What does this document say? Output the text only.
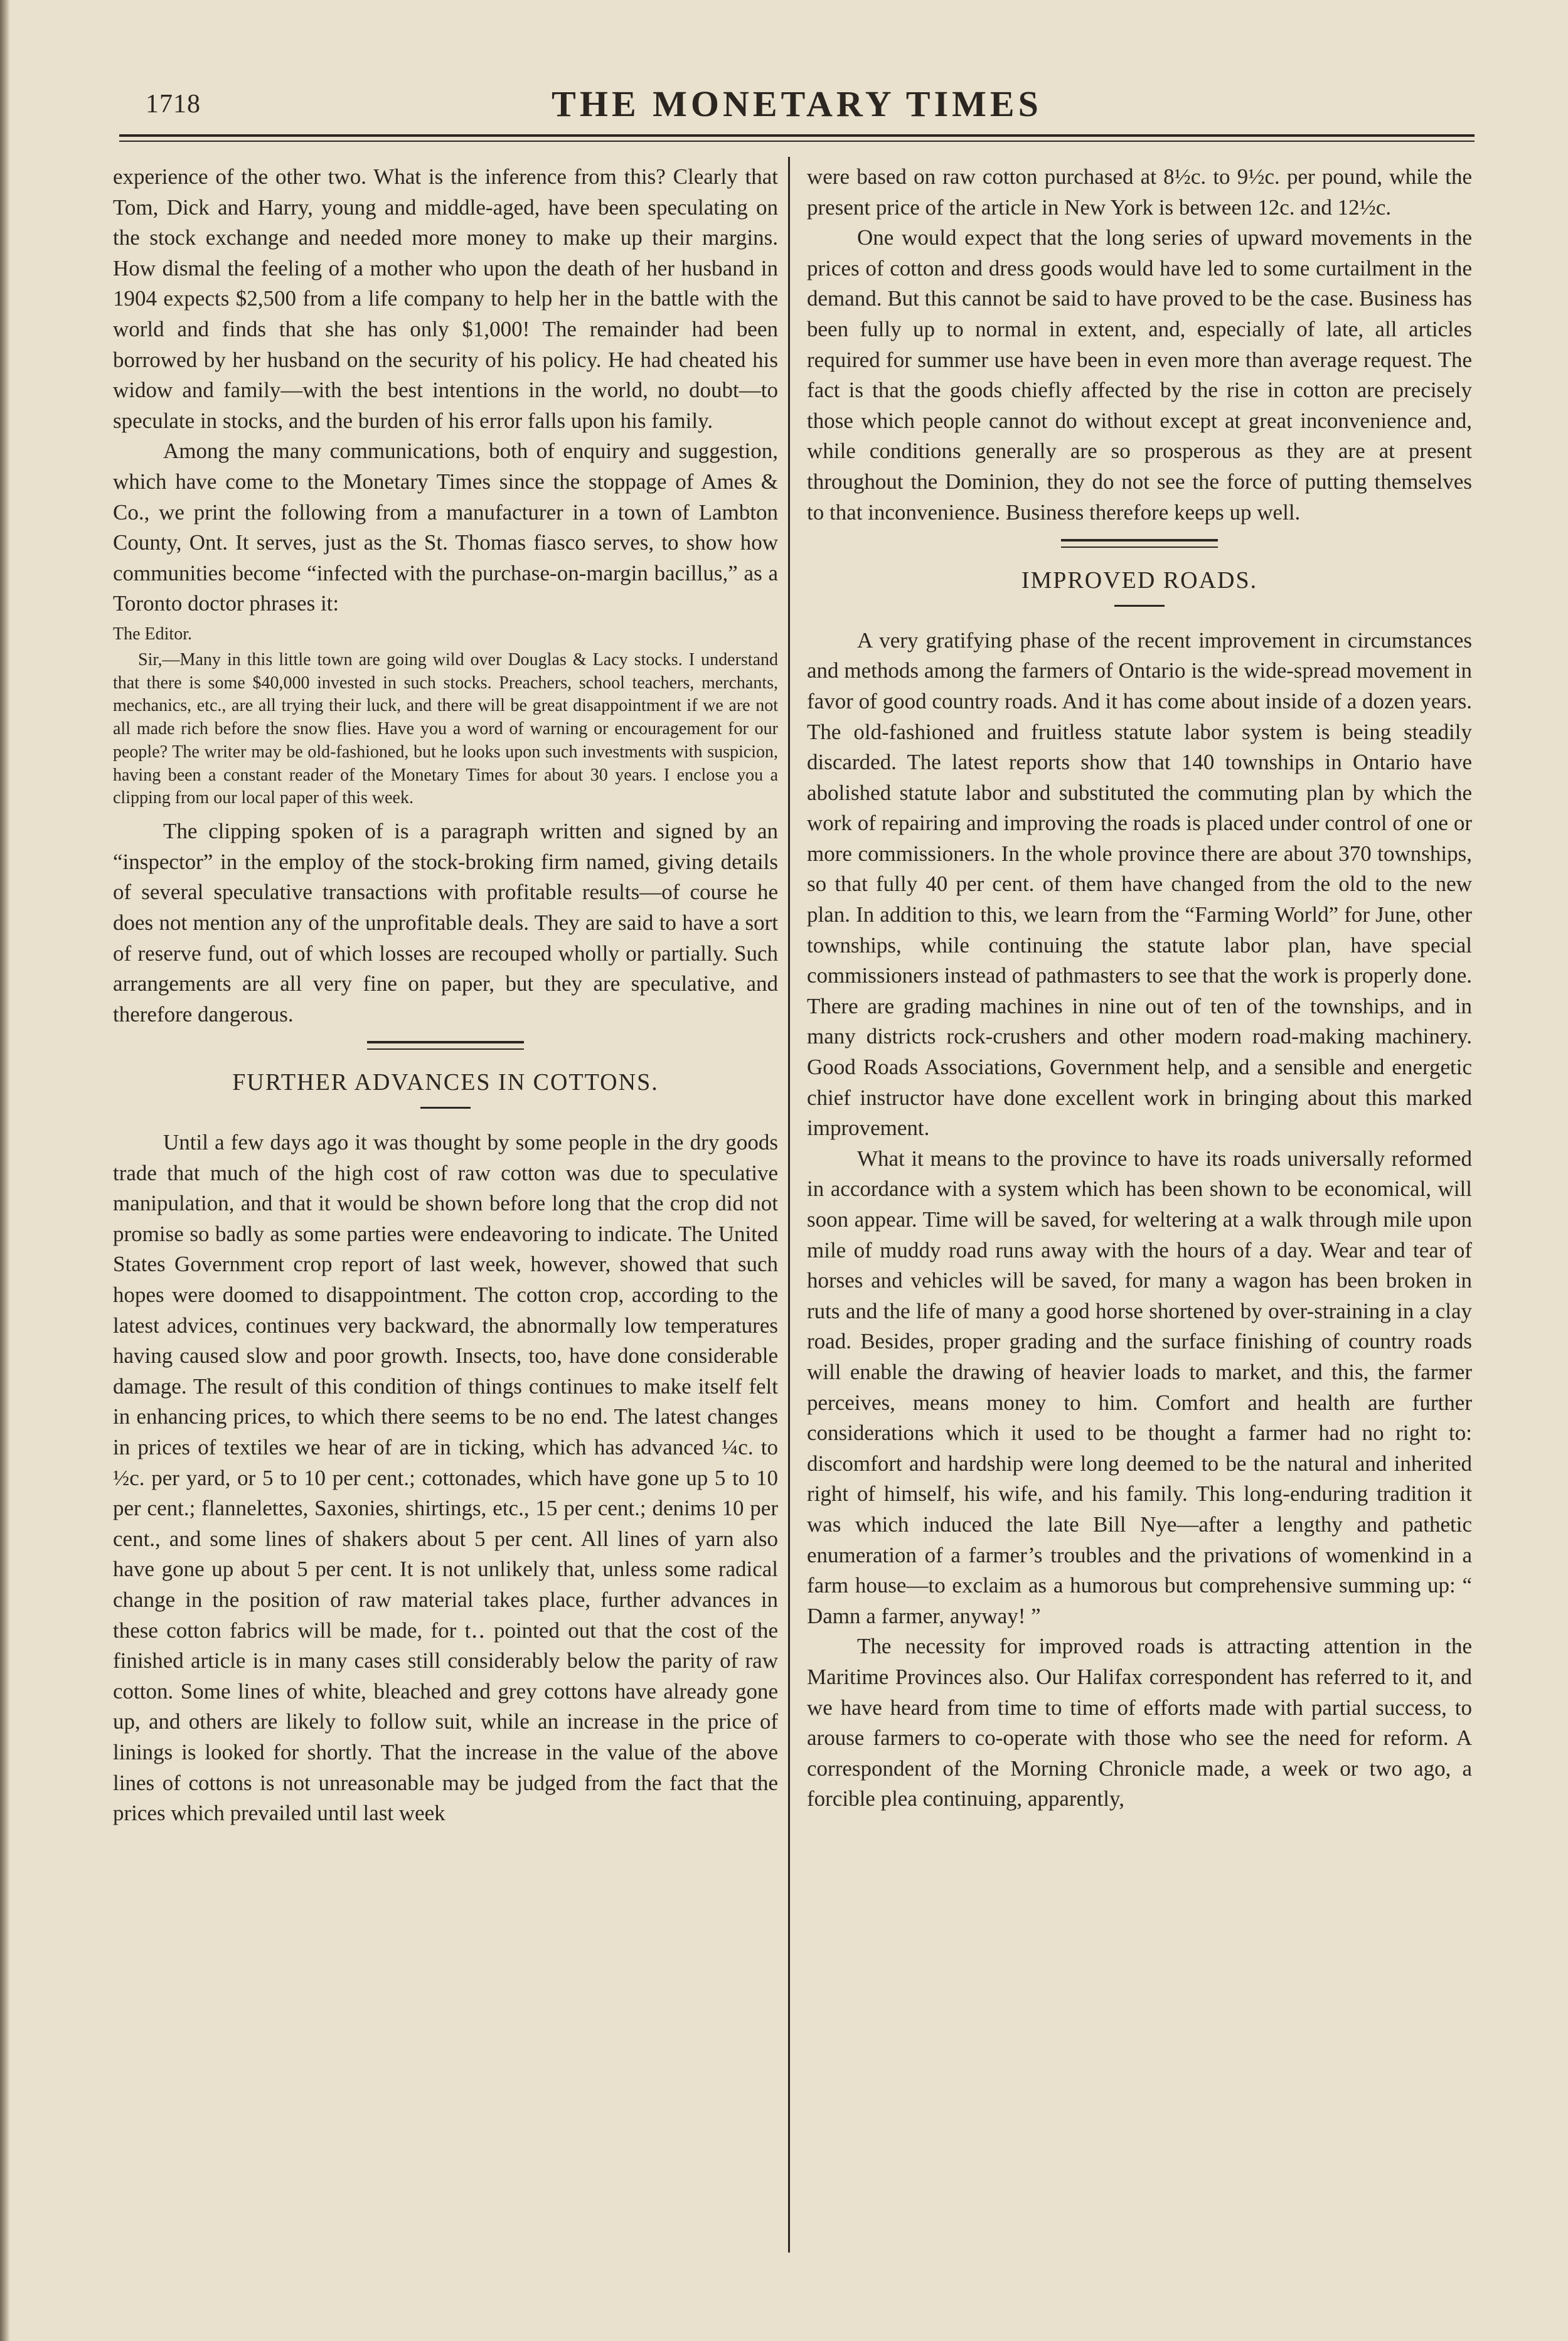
1718	THE MONETARY TIMES

experience of the other two. What is the inference from this? Clearly that Tom, Dick and Harry, young and middle-aged, have been speculating on the stock exchange and needed more money to make up their margins. How dismal the feeling of a mother who upon the death of her husband in 1904 expects $2,500 from a life company to help her in the battle with the world and finds that she has only $1,000! The remainder had been borrowed by her husband on the security of his policy. He had cheated his widow and family—with the best intentions in the world, no doubt—to speculate in stocks, and the burden of his error falls upon his family.

Among the many communications, both of enquiry and suggestion, which have come to the Monetary Times since the stoppage of Ames & Co., we print the following from a manufacturer in a town of Lambton County, Ont. It serves, just as the St. Thomas fiasco serves, to show how communities become “infected with the purchase-on-margin bacillus,” as a Toronto doctor phrases it:

The Editor.

Sir,—Many in this little town are going wild over Douglas & Lacy stocks. I understand that there is some $40,000 invested in such stocks. Preachers, school teachers, merchants, mechanics, etc., are all trying their luck, and there will be great disappointment if we are not all made rich before the snow flies. Have you a word of warning or encouragement for our people? The writer may be old-fashioned, but he looks upon such investments with suspicion, having been a constant reader of the Monetary Times for about 30 years. I enclose you a clipping from our local paper of this week.

The clipping spoken of is a paragraph written and signed by an “inspector” in the employ of the stock-broking firm named, giving details of several speculative transactions with profitable results—of course he does not mention any of the unprofitable deals. They are said to have a sort of reserve fund, out of which losses are recouped wholly or partially. Such arrangements are all very fine on paper, but they are speculative, and therefore dangerous.

FURTHER ADVANCES IN COTTONS.

Until a few days ago it was thought by some people in the dry goods trade that much of the high cost of raw cotton was due to speculative manipulation, and that it would be shown before long that the crop did not promise so badly as some parties were endeavoring to indicate. The United States Government crop report of last week, however, showed that such hopes were doomed to disappointment. The cotton crop, according to the latest advices, continues very backward, the abnormally low temperatures having caused slow and poor growth. Insects, too, have done considerable damage. The result of this condition of things continues to make itself felt in enhancing prices, to which there seems to be no end. The latest changes in prices of textiles we hear of are in ticking, which has advanced ¼c. to ½c. per yard, or 5 to 10 per cent.; cottonades, which have gone up 5 to 10 per cent.; flannelettes, Saxonies, shirtings, etc., 15 per cent.; denims 10 per cent., and some lines of shakers about 5 per cent. All lines of yarn also have gone up about 5 per cent. It is not unlikely that, unless some radical change in the position of raw material takes place, further advances in these cotton fabrics will be made, for t‥ pointed out that the cost of the finished article is in many cases still considerably below the parity of raw cotton. Some lines of white, bleached and grey cottons have already gone up, and others are likely to follow suit, while an increase in the price of linings is looked for shortly. That the increase in the value of the above lines of cottons is not unreasonable may be judged from the fact that the prices which prevailed until last week

were based on raw cotton purchased at 8½c. to 9½c. per pound, while the present price of the article in New York is between 12c. and 12½c.

One would expect that the long series of upward movements in the prices of cotton and dress goods would have led to some curtailment in the demand. But this cannot be said to have proved to be the case. Business has been fully up to normal in extent, and, especially of late, all articles required for summer use have been in even more than average request. The fact is that the goods chiefly affected by the rise in cotton are precisely those which people cannot do without except at great inconvenience and, while conditions generally are so prosperous as they are at present throughout the Dominion, they do not see the force of putting themselves to that inconvenience. Business therefore keeps up well.

IMPROVED ROADS.

A very gratifying phase of the recent improvement in circumstances and methods among the farmers of Ontario is the wide-spread movement in favor of good country roads. And it has come about inside of a dozen years. The old-fashioned and fruitless statute labor system is being steadily discarded. The latest reports show that 140 townships in Ontario have abolished statute labor and substituted the commuting plan by which the work of repairing and improving the roads is placed under control of one or more commissioners. In the whole province there are about 370 townships, so that fully 40 per cent. of them have changed from the old to the new plan. In addition to this, we learn from the “Farming World” for June, other townships, while continuing the statute labor plan, have special commissioners instead of pathmasters to see that the work is properly done. There are grading machines in nine out of ten of the townships, and in many districts rock-crushers and other modern road-making machinery. Good Roads Associations, Government help, and a sensible and energetic chief instructor have done excellent work in bringing about this marked improvement.

What it means to the province to have its roads universally reformed in accordance with a system which has been shown to be economical, will soon appear. Time will be saved, for weltering at a walk through mile upon mile of muddy road runs away with the hours of a day. Wear and tear of horses and vehicles will be saved, for many a wagon has been broken in ruts and the life of many a good horse shortened by over-straining in a clay road. Besides, proper grading and the surface finishing of country roads will enable the drawing of heavier loads to market, and this, the farmer perceives, means money to him. Comfort and health are further considerations which it used to be thought a farmer had no right to: discomfort and hardship were long deemed to be the natural and inherited right of himself, his wife, and his family. This long-enduring tradition it was which induced the late Bill Nye—after a lengthy and pathetic enumeration of a farmer’s troubles and the privations of womenkind in a farm house—to exclaim as a humorous but comprehensive summing up: “ Damn a farmer, anyway! ”

The necessity for improved roads is attracting attention in the Maritime Provinces also. Our Halifax correspondent has referred to it, and we have heard from time to time of efforts made with partial success, to arouse farmers to co-operate with those who see the need for reform. A correspondent of the Morning Chronicle made, a week or two ago, a forcible plea continuing, apparently,
